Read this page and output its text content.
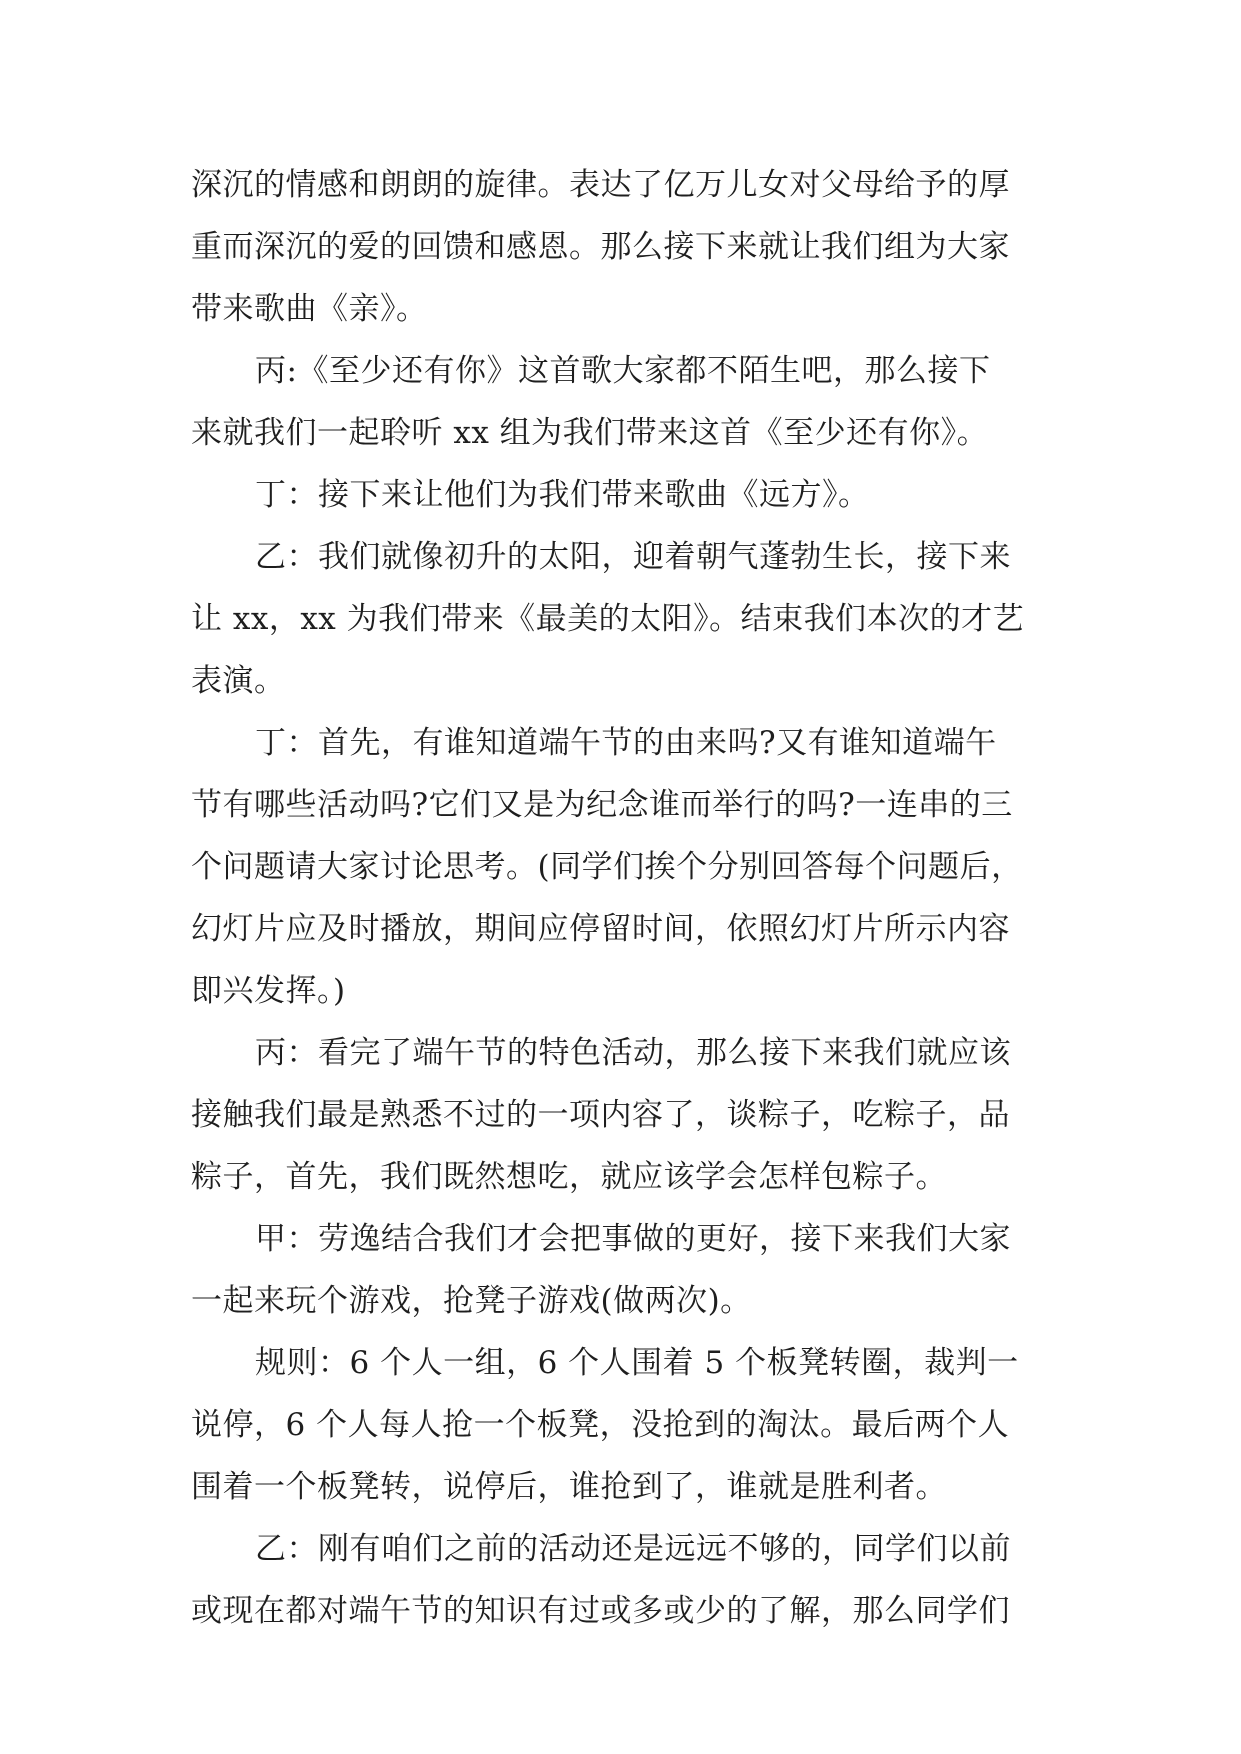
深沉的情感和朗朗的旋律。表达了亿万儿女对父母给予的厚
重而深沉的爱的回馈和感恩。那么接下来就让我们组为大家
带来歌曲《亲》。
丙:《至少还有你》这首歌大家都不陌生吧，那么接下
来就我们一起聆听 xx 组为我们带来这首《至少还有你》。
丁：接下来让他们为我们带来歌曲《远方》。
乙：我们就像初升的太阳，迎着朝气蓬勃生长，接下来
让 xx，xx 为我们带来《最美的太阳》。结束我们本次的才艺
表演。
丁：首先，有谁知道端午节的由来吗?又有谁知道端午
节有哪些活动吗?它们又是为纪念谁而举行的吗?一连串的三
个问题请大家讨论思考。(同学们挨个分别回答每个问题后，
幻灯片应及时播放，期间应停留时间，依照幻灯片所示内容
即兴发挥。)
丙：看完了端午节的特色活动，那么接下来我们就应该
接触我们最是熟悉不过的一项内容了，谈粽子，吃粽子，品
粽子，首先，我们既然想吃，就应该学会怎样包粽子。
甲：劳逸结合我们才会把事做的更好，接下来我们大家
一起来玩个游戏，抢凳子游戏(做两次)。
规则：6 个人一组，6 个人围着 5 个板凳转圈，裁判一
说停，6 个人每人抢一个板凳，没抢到的淘汰。最后两个人
围着一个板凳转，说停后，谁抢到了，谁就是胜利者。
乙：刚有咱们之前的活动还是远远不够的，同学们以前
或现在都对端午节的知识有过或多或少的了解，那么同学们
